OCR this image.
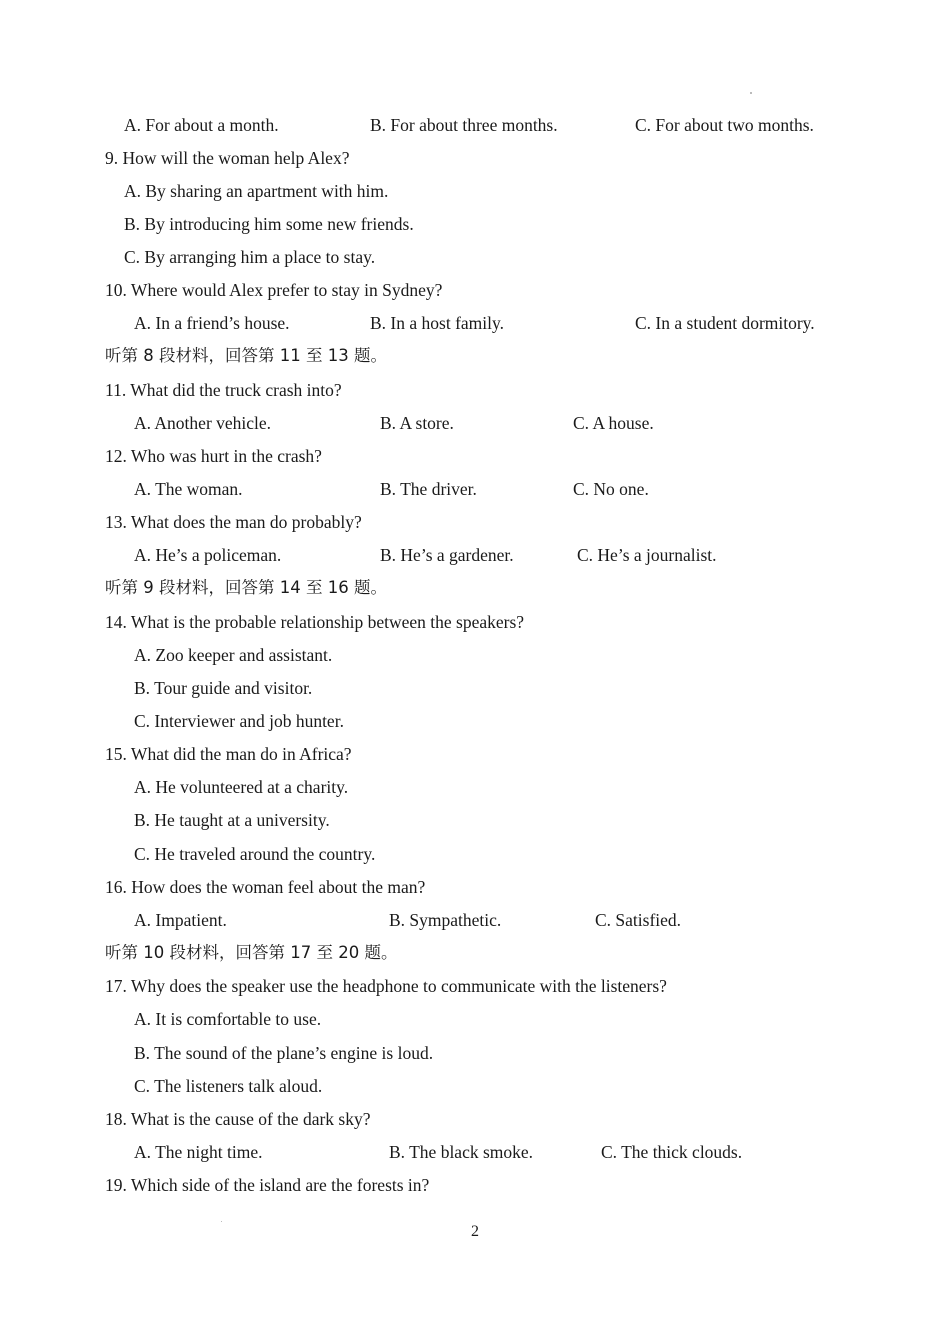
A. For about a month.	B. For about three months.	C. For about two months.
9. How will the woman help Alex?
A. By sharing an apartment with him.
B. By introducing him some new friends.
C. By arranging him a place to stay.
10. Where would Alex prefer to stay in Sydney?
A. In a friend’s house.	B. In a host family.	C. In a student dormitory.
听第 8 段材料，回答第 11 至 13 题。
11. What did the truck crash into?
A. Another vehicle.	B. A store.	C. A house.
12. Who was hurt in the crash?
A. The woman.	B. The driver.	C. No one.
13. What does the man do probably?
A. He’s a policeman.	B. He’s a gardener.	C. He’s a journalist.
听第 9 段材料，回答第 14 至 16 题。
14. What is the probable relationship between the speakers?
A. Zoo keeper and assistant.
B. Tour guide and visitor.
C. Interviewer and job hunter.
15. What did the man do in Africa?
A. He volunteered at a charity.
B. He taught at a university.
C. He traveled around the country.
16. How does the woman feel about the man?
A. Impatient.	B. Sympathetic.	C. Satisfied.
听第 10 段材料，回答第 17 至 20 题。
17. Why does the speaker use the headphone to communicate with the listeners?
A. It is comfortable to use.
B. The sound of the plane’s engine is loud.
C. The listeners talk aloud.
18. What is the cause of the dark sky?
A. The night time.	B. The black smoke.	C. The thick clouds.
19. Which side of the island are the forests in?
2
